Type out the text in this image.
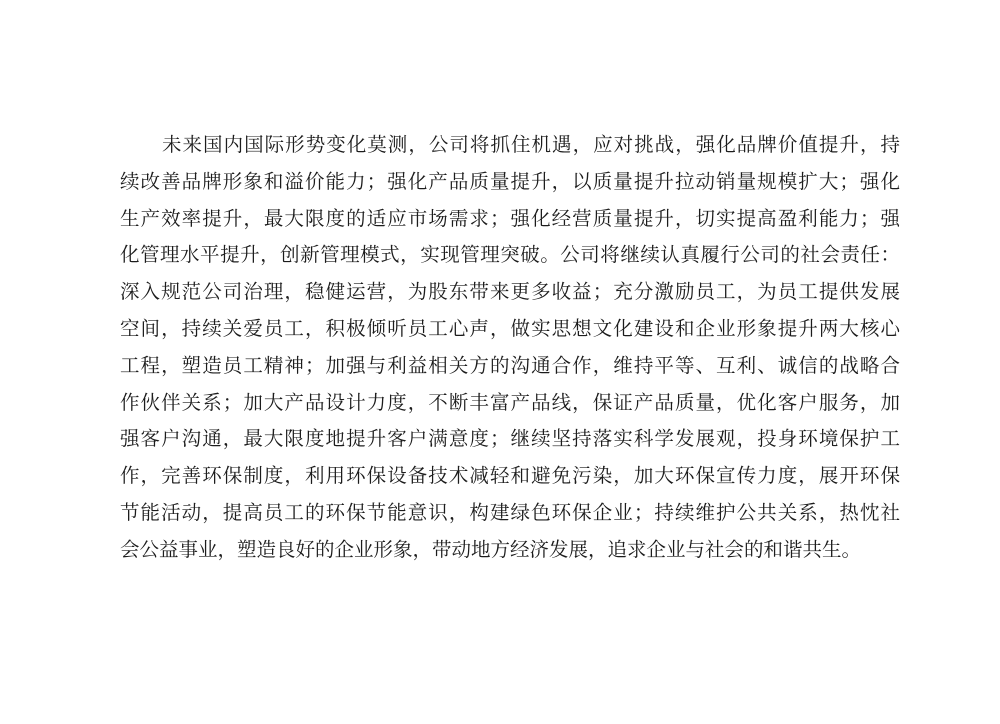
未来国内国际形势变化莫测，公司将抓住机遇，应对挑战，强化品牌价值提升，持
续改善品牌形象和溢价能力；强化产品质量提升，以质量提升拉动销量规模扩大；强化
生产效率提升，最大限度的适应市场需求；强化经营质量提升，切实提高盈利能力；强
化管理水平提升，创新管理模式，实现管理突破。公司将继续认真履行公司的社会责任：
深入规范公司治理，稳健运营，为股东带来更多收益；充分激励员工，为员工提供发展
空间，持续关爱员工，积极倾听员工心声，做实思想文化建设和企业形象提升两大核心
工程，塑造员工精神；加强与利益相关方的沟通合作，维持平等、互利、诚信的战略合
作伙伴关系；加大产品设计力度，不断丰富产品线，保证产品质量，优化客户服务，加
强客户沟通，最大限度地提升客户满意度；继续坚持落实科学发展观，投身环境保护工
作，完善环保制度，利用环保设备技术减轻和避免污染，加大环保宣传力度，展开环保
节能活动，提高员工的环保节能意识，构建绿色环保企业；持续维护公共关系，热忱社
会公益事业，塑造良好的企业形象，带动地方经济发展，追求企业与社会的和谐共生。
